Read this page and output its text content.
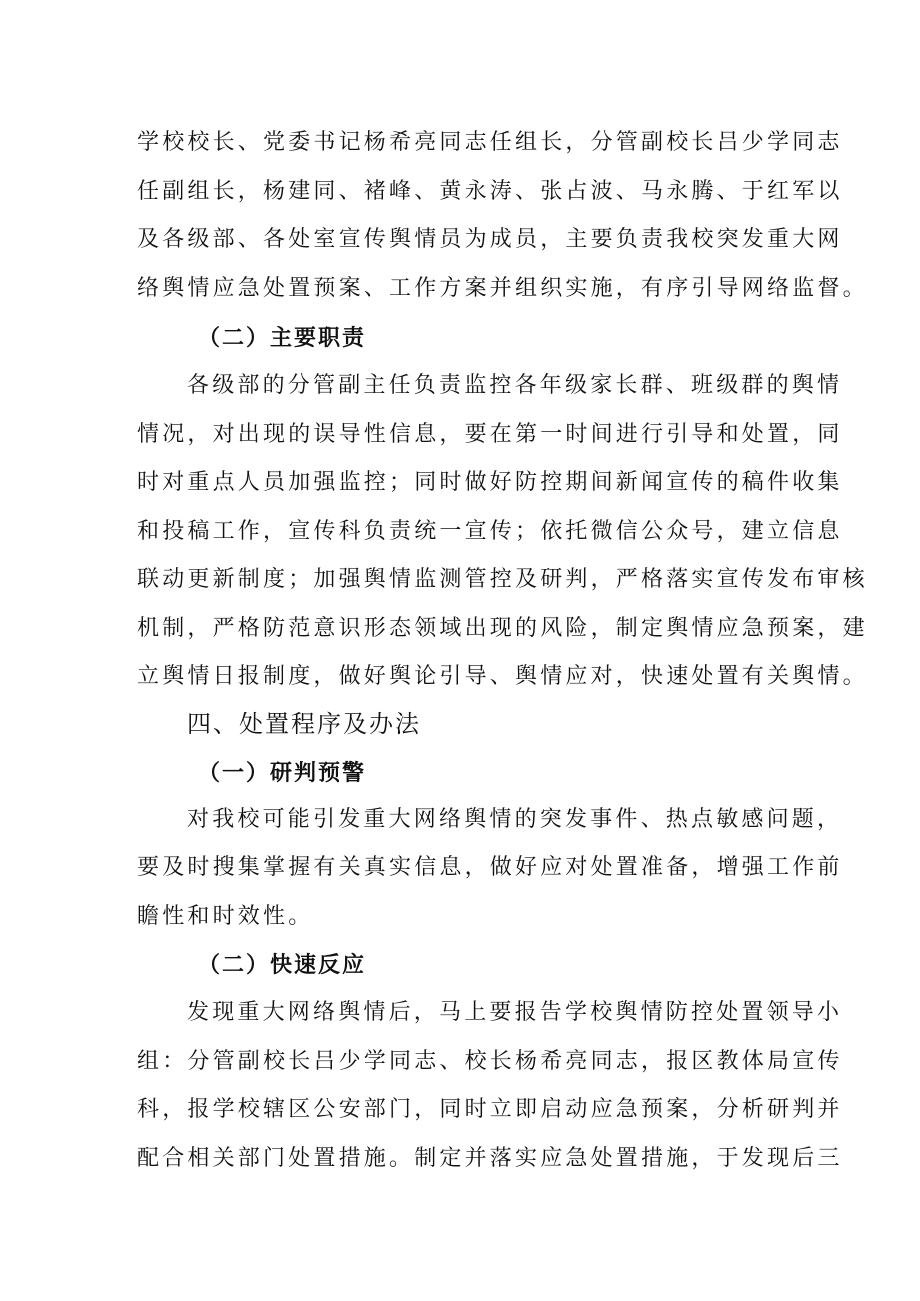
学校校长、党委书记杨希亮同志任组长，分管副校长吕少学同志
任副组长，杨建同、褚峰、黄永涛、张占波、马永腾、于红军以
及各级部、各处室宣传舆情员为成员，主要负责我校突发重大网
络舆情应急处置预案、工作方案并组织实施，有序引导网络监督。
（二）主要职责
各级部的分管副主任负责监控各年级家长群、班级群的舆情
情况，对出现的误导性信息，要在第一时间进行引导和处置，同
时对重点人员加强监控；同时做好防控期间新闻宣传的稿件收集
和投稿工作，宣传科负责统一宣传；依托微信公众号，建立信息
联动更新制度；加强舆情监测管控及研判，严格落实宣传发布审核
机制，严格防范意识形态领域出现的风险，制定舆情应急预案，建
立舆情日报制度，做好舆论引导、舆情应对，快速处置有关舆情。
四、处置程序及办法
（一）研判预警
对我校可能引发重大网络舆情的突发事件、热点敏感问题，
要及时搜集掌握有关真实信息，做好应对处置准备，增强工作前
瞻性和时效性。
（二）快速反应
发现重大网络舆情后，马上要报告学校舆情防控处置领导小
组：分管副校长吕少学同志、校长杨希亮同志，报区教体局宣传
科，报学校辖区公安部门，同时立即启动应急预案，分析研判并
配合相关部门处置措施。制定并落实应急处置措施，于发现后三
